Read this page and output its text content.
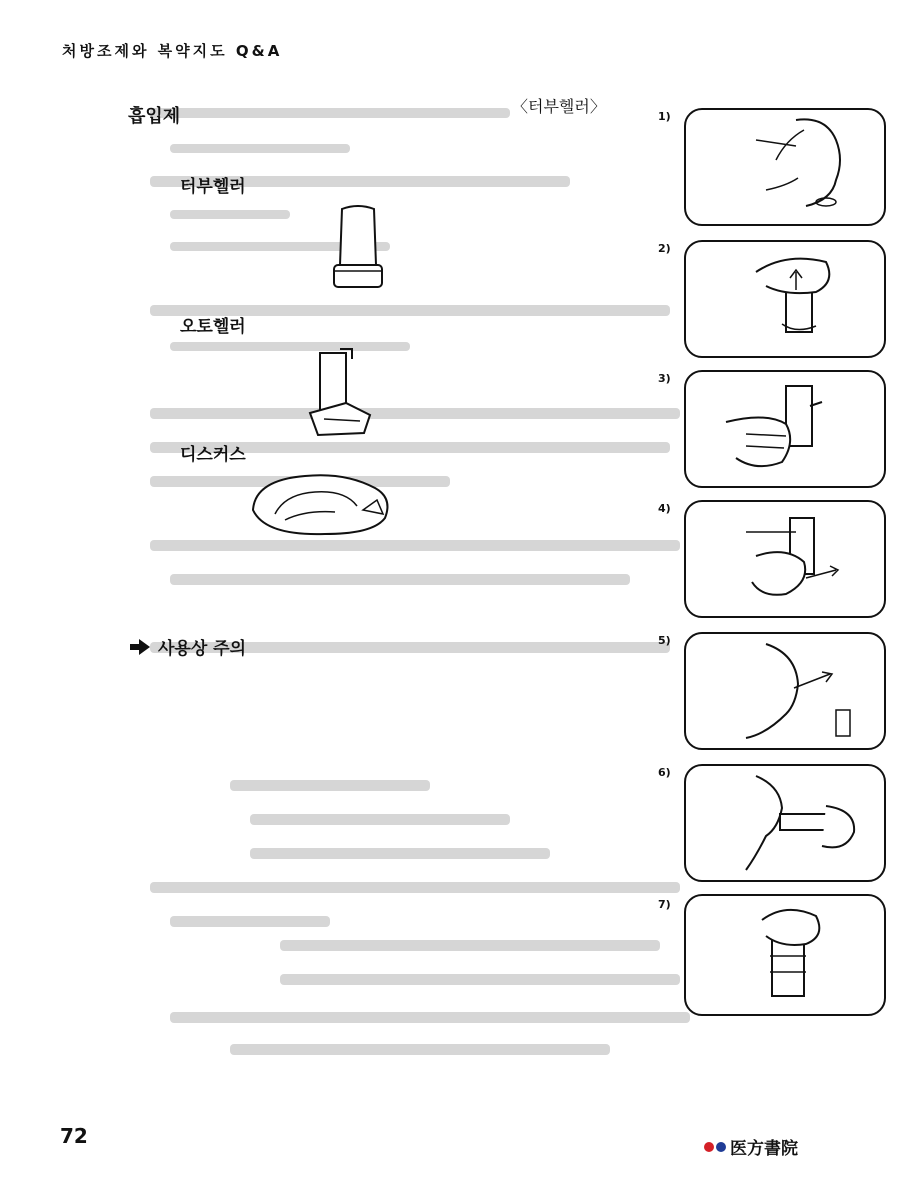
처방조제와 복약지도 Q&A
흡입제	〈터부헬러〉
터부헬러
오토헬러
디스커스
사용상 주의
1)
2)
3)
4)
5)
6)
7)
72
医方書院
